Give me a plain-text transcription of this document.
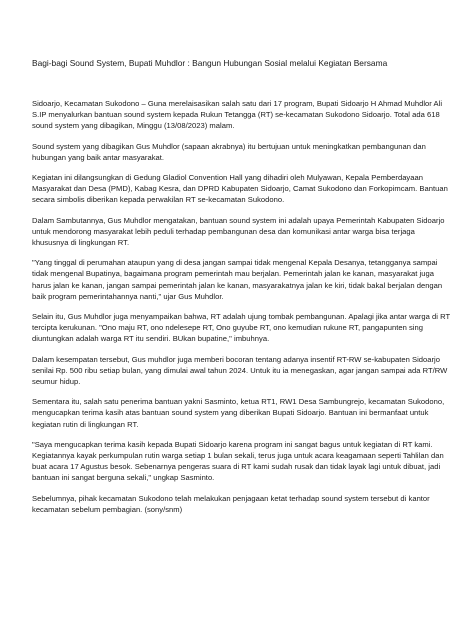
Bagi-bagi Sound System, Bupati Muhdlor : Bangun Hubungan Sosial melalui Kegiatan Bersama

Sidoarjo, Kecamatan Sukodono – Guna merelaisasikan salah satu dari 17 program, Bupati Sidoarjo H Ahmad Muhdlor Ali S.IP menyalurkan bantuan sound system kepada Rukun Tetangga (RT) se-kecamatan Sukodono Sidoarjo. Total ada 618 sound system yang dibagikan, Minggu (13/08/2023) malam.

Sound system yang dibagikan Gus Muhdlor (sapaan akrabnya) itu bertujuan untuk meningkatkan pembangunan dan hubungan yang baik antar masyarakat.

Kegiatan ini dilangsungkan di Gedung Gladiol Convention Hall yang dihadiri oleh Mulyawan, Kepala Pemberdayaan Masyarakat dan Desa (PMD), Kabag Kesra, dan DPRD Kabupaten Sidoarjo, Camat Sukodono dan Forkopimcam. Bantuan secara simbolis diberikan kepada perwakilan RT se-kecamatan Sukodono.

Dalam Sambutannya, Gus Muhdlor mengatakan, bantuan sound system ini adalah upaya Pemerintah Kabupaten Sidoarjo untuk mendorong masyarakat lebih peduli terhadap pembangunan desa dan komunikasi antar warga bisa terjaga khususnya di lingkungan RT.

"Yang tinggal di perumahan ataupun yang di desa jangan sampai tidak mengenal Kepala Desanya, tetangganya sampai tidak mengenal Bupatinya, bagaimana program pemerintah mau berjalan. Pemerintah jalan ke kanan, masyarakat juga harus jalan ke kanan, jangan sampai pemerintah jalan ke kanan, masyarakatnya jalan ke kiri, tidak bakal berjalan dengan baik program pemerintahannya nanti," ujar Gus Muhdlor.

Selain itu, Gus Muhdlor juga menyampaikan bahwa, RT adalah ujung tombak pembangunan. Apalagi jika antar warga di RT tercipta kerukunan. "Ono maju RT, ono ndelesepe RT, Ono guyube RT, ono kemudian rukune RT, pangapunten sing diuntungkan adalah warga RT itu sendiri. BUkan bupatine," imbuhnya.

Dalam kesempatan tersebut, Gus muhdlor juga memberi bocoran tentang adanya insentif RT-RW se-kabupaten Sidoarjo senilai Rp. 500 ribu setiap bulan, yang dimulai awal tahun 2024. Untuk itu ia menegaskan, agar jangan sampai ada RT/RW seumur hidup.

Sementara itu, salah satu penerima bantuan yakni Sasminto, ketua RT1, RW1 Desa Sambungrejo, kecamatan Sukodono, mengucapkan terima kasih atas bantuan sound system yang diberikan Bupati Sidoarjo. Bantuan ini bermanfaat untuk kegiatan rutin di lingkungan RT.

"Saya mengucapkan terima kasih kepada Bupati Sidoarjo karena program ini sangat bagus untuk kegiatan di RT kami. Kegiatannya kayak perkumpulan rutin warga setiap 1 bulan sekali, terus juga untuk acara keagamaan seperti Tahlilan dan buat acara 17 Agustus besok. Sebenarnya pengeras suara di RT kami sudah rusak dan tidak layak lagi untuk dibuat, jadi bantuan ini sangat berguna sekali," ungkap Sasminto.

Sebelumnya, pihak kecamatan Sukodono telah melakukan penjagaan ketat terhadap sound system tersebut di kantor kecamatan sebelum pembagian. (sony/snm)
